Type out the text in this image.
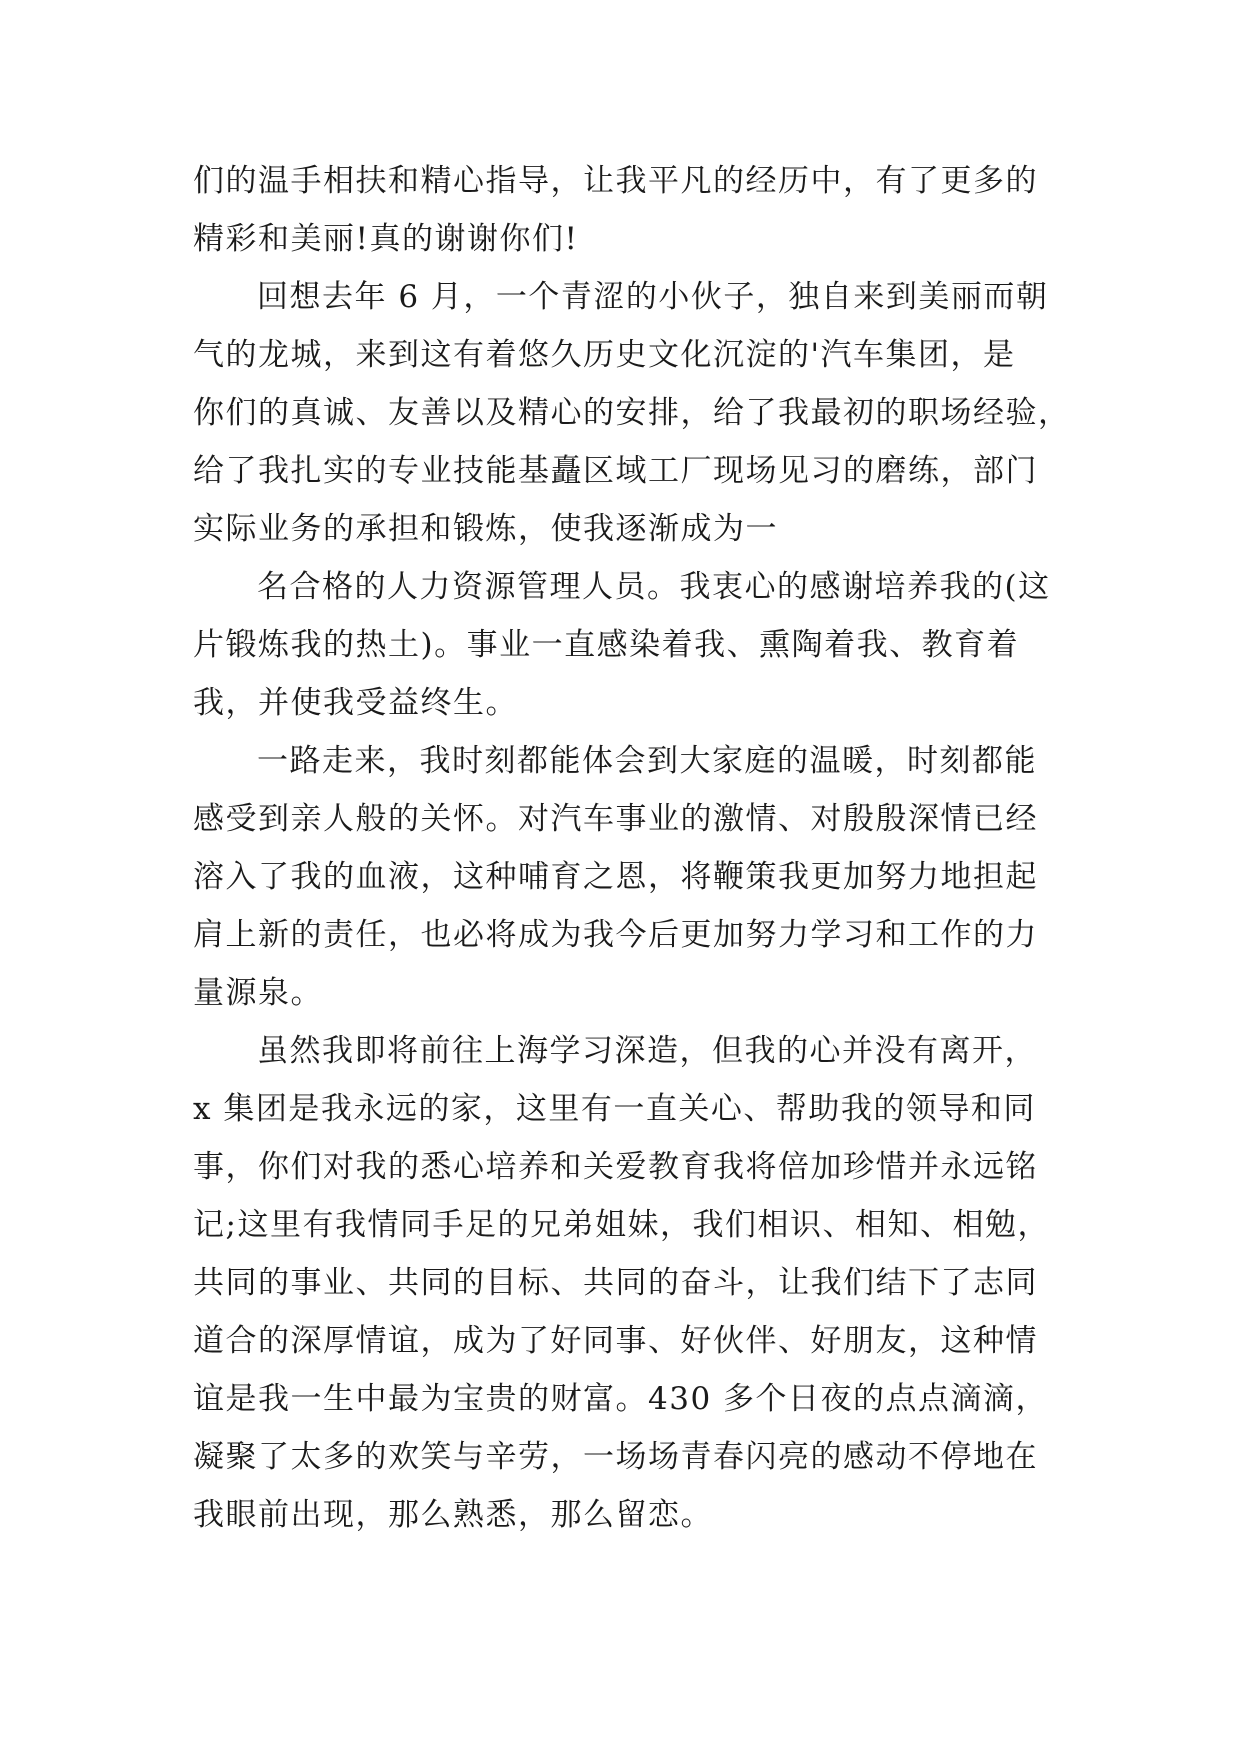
们的温手相扶和精心指导，让我平凡的经历中，有了更多的
精彩和美丽!真的谢谢你们!
回想去年 6 月，一个青涩的小伙子，独自来到美丽而朝
气的龙城，来到这有着悠久历史文化沉淀的'汽车集团，是
你们的真诚、友善以及精心的安排，给了我最初的职场经验，
给了我扎实的专业技能基矗区域工厂现场见习的磨练，部门
实际业务的承担和锻炼，使我逐渐成为一
名合格的人力资源管理人员。我衷心的感谢培养我的(这
片锻炼我的热土)。事业一直感染着我、熏陶着我、教育着
我，并使我受益终生。
一路走来，我时刻都能体会到大家庭的温暖，时刻都能
感受到亲人般的关怀。对汽车事业的激情、对殷殷深情已经
溶入了我的血液，这种哺育之恩，将鞭策我更加努力地担起
肩上新的责任，也必将成为我今后更加努力学习和工作的力
量源泉。
虽然我即将前往上海学习深造，但我的心并没有离开，
x 集团是我永远的家，这里有一直关心、帮助我的领导和同
事，你们对我的悉心培养和关爱教育我将倍加珍惜并永远铭
记;这里有我情同手足的兄弟姐妹，我们相识、相知、相勉，
共同的事业、共同的目标、共同的奋斗，让我们结下了志同
道合的深厚情谊，成为了好同事、好伙伴、好朋友，这种情
谊是我一生中最为宝贵的财富。430 多个日夜的点点滴滴，
凝聚了太多的欢笑与辛劳，一场场青春闪亮的感动不停地在
我眼前出现，那么熟悉，那么留恋。
